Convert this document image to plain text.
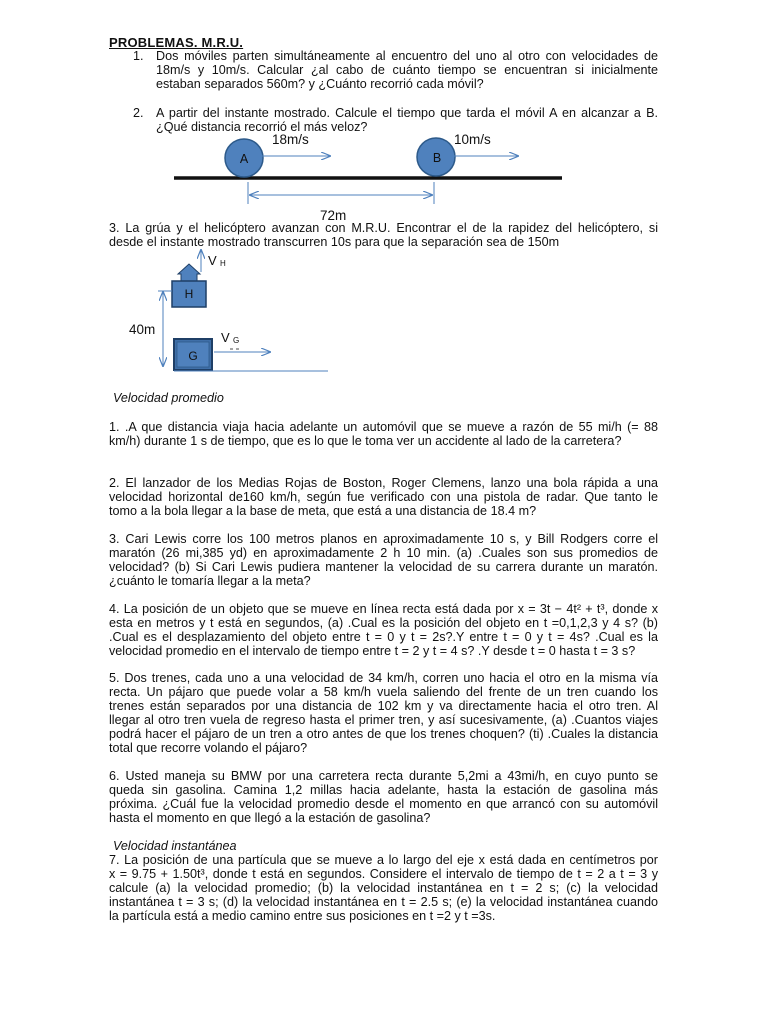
PROBLEMAS. M.R.U.
1. Dos móviles parten simultáneamente al encuentro del uno al otro con velocidades de
18m/s y 10m/s. Calcular ¿al cabo de cuánto tiempo se encuentran si inicialmente
estaban separados 560m? y ¿Cuánto recorrió cada móvil?
2. A partir del instante mostrado. Calcule el tiempo que tarda el móvil A en alcanzar a B.
¿Qué distancia recorrió el más veloz?
A	B
18m/s	10m/s
72m
3. La grúa y el helicóptero avanzan con M.R.U. Encontrar el de la rapidez del helicóptero, si
desde el instante mostrado transcurren 10s para que la separación sea de 150m
V H
H
40m
G
V G
Velocidad promedio
1. .A que distancia viaja hacia adelante un automóvil que se mueve a razón de 55 mi/h (= 88
km/h) durante 1 s de tiempo, que es lo que le toma ver un accidente al lado de la carretera?
2. El lanzador de los Medias Rojas de Boston, Roger Clemens, lanzo una bola rápida a una
velocidad horizontal de160 km/h, según fue verificado con una pistola de radar. Que tanto le
tomo a la bola llegar a la base de meta, que está a una distancia de 18.4 m?
3. Cari Lewis corre los 100 metros planos en aproximadamente 10 s, y Bill Rodgers corre el
maratón (26 mi,385 yd) en aproximadamente 2 h 10 min. (a) .Cuales son sus promedios de
velocidad? (b) Si Cari Lewis pudiera mantener la velocidad de su carrera durante un maratón.
¿cuánto le tomaría llegar a la meta?
4. La posición de un objeto que se mueve en línea recta está dada por x = 3t − 4t² + t³, donde x
esta en metros y t está en segundos, (a) .Cual es la posición del objeto en t =0,1,2,3 y 4 s? (b)
.Cual es el desplazamiento del objeto entre t = 0 y t = 2s?.Y entre t = 0 y t = 4s? .Cual es la
velocidad promedio en el intervalo de tiempo entre t = 2 y t = 4 s? .Y desde t = 0 hasta t = 3 s?
5. Dos trenes, cada uno a una velocidad de 34 km/h, corren uno hacia el otro en la misma vía
recta. Un pájaro que puede volar a 58 km/h vuela saliendo del frente de un tren cuando los
trenes están separados por una distancia de 102 km y va directamente hacia el otro tren. Al
llegar al otro tren vuela de regreso hasta el primer tren, y así sucesivamente, (a) .Cuantos viajes
podrá hacer el pájaro de un tren a otro antes de que los trenes choquen? (ti) .Cuales la distancia
total que recorre volando el pájaro?
6. Usted maneja su BMW por una carretera recta durante 5,2mi a 43mi/h, en cuyo punto se
queda sin gasolina. Camina 1,2 millas hacia adelante, hasta la estación de gasolina más
próxima. ¿Cuál fue la velocidad promedio desde el momento en que arrancó con su automóvil
hasta el momento en que llegó a la estación de gasolina?
Velocidad instantánea
7. La posición de una partícula que se mueve a lo largo del eje x está dada en centímetros por
x = 9.75 + 1.50t³, donde t está en segundos. Considere el intervalo de tiempo de t = 2 a t = 3 y
calcule (a) la velocidad promedio; (b) la velocidad instantánea en t = 2 s; (c) la velocidad
instantánea t = 3 s; (d) la velocidad instantánea en t = 2.5 s; (e) la velocidad instantánea cuando
la partícula está a medio camino entre sus posiciones en t =2 y t =3s.
